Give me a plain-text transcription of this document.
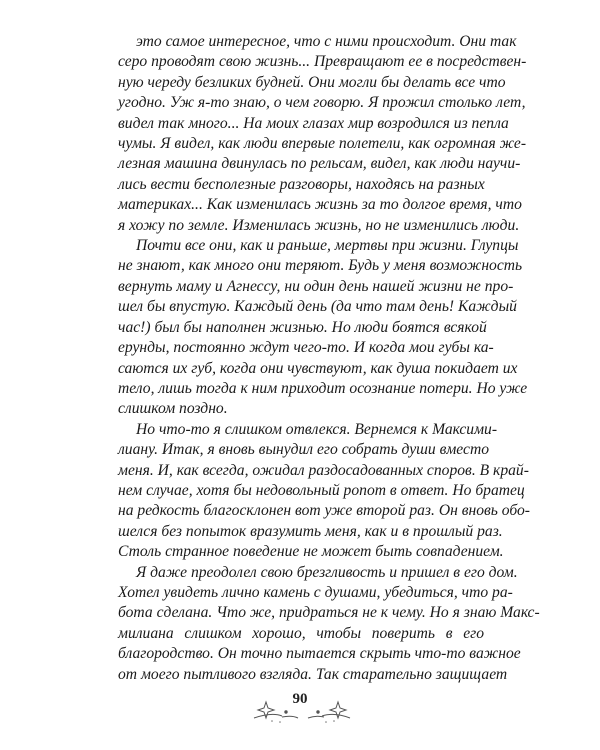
это самое интересное, что с ними происходит. Они так
серо проводят свою жизнь... Превращают ее в посредствен-
ную череду безликих будней. Они могли бы делать все что
угодно. Уж я-то знаю, о чем говорю. Я прожил столько лет,
видел так много... На моих глазах мир возродился из пепла
чумы. Я видел, как люди впервые полетели, как огромная же-
лезная машина двинулась по рельсам, видел, как люди научи-
лись вести бесполезные разговоры, находясь на разных
материках... Как изменилась жизнь за то долгое время, что
я хожу по земле. Изменилась жизнь, но не изменились люди.

Почти все они, как и раньше, мертвы при жизни. Глупцы
не знают, как много они теряют. Будь у меня возможность
вернуть маму и Агнессу, ни один день нашей жизни не про-
шел бы впустую. Каждый день (да что там день! Каждый
час!) был бы наполнен жизнью. Но люди боятся всякой
ерунды, постоянно ждут чего-то. И когда мои губы ка-
саются их губ, когда они чувствуют, как душа покидает их
тело, лишь тогда к ним приходит осознание потери. Но уже
слишком поздно.

Но что-то я слишком отвлекся. Вернемся к Максими-
лиану. Итак, я вновь вынудил его собрать души вместо
меня. И, как всегда, ожидал раздосадованных споров. В край-
нем случае, хотя бы недовольный ропот в ответ. Но братец
на редкость благосклонен вот уже второй раз. Он вновь обо-
шелся без попыток вразумить меня, как и в прошлый раз.
Столь странное поведение не может быть совпадением.

Я даже преодолел свою брезгливость и пришел в его дом.
Хотел увидеть лично камень с душами, убедиться, что ра-
бота сделана. Что же, придраться не к чему. Но я знаю Макс-
милиана слишком хорошо, чтобы поверить в его
благородство. Он точно пытается скрыть что-то важное
от моего пытливого взгляда. Так старательно защищает

90
